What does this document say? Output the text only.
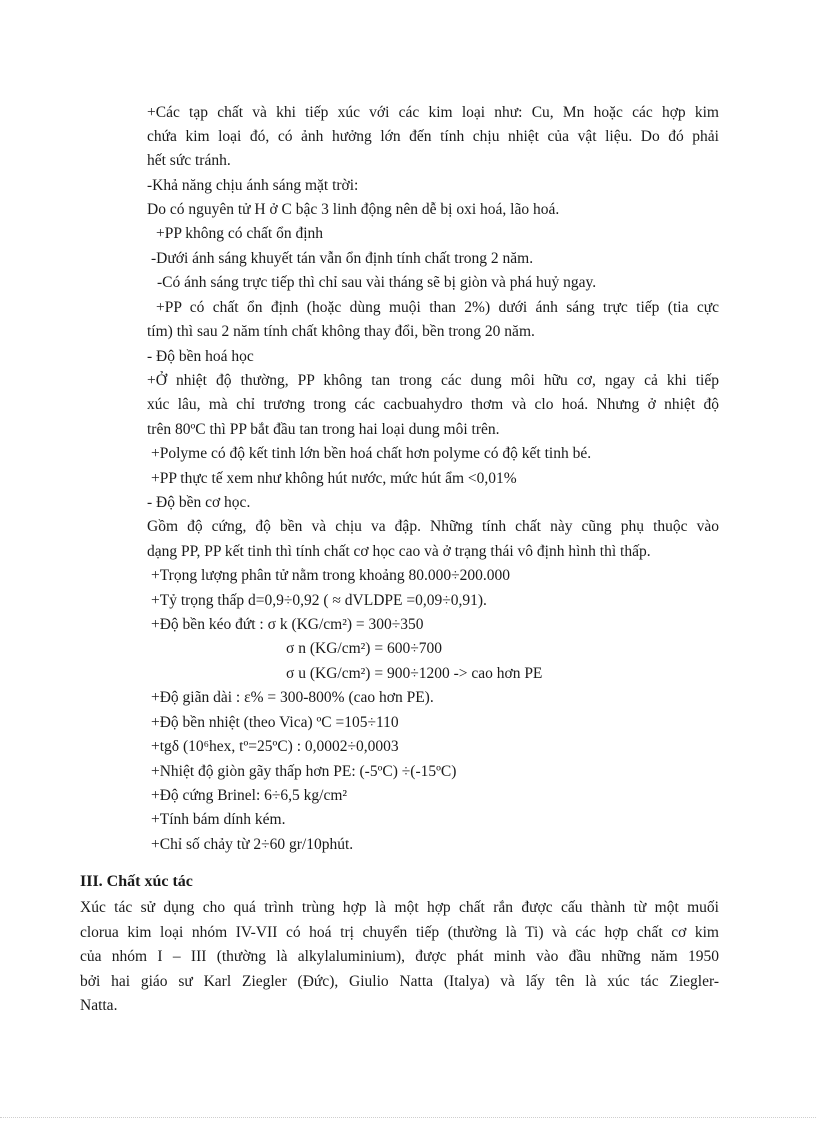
+Các tạp chất và khi tiếp xúc với các kim loại như: Cu, Mn hoặc các hợp kim
chứa kim loại đó, có ảnh hưởng lớn đến tính chịu nhiệt của vật liệu. Do đó phải
hết sức tránh.
-Khả năng chịu ánh sáng mặt trời:
Do có nguyên tử H ở C bậc 3 linh động nên dễ bị oxi hoá, lão hoá.
+PP không có chất ổn định
-Dưới ánh sáng khuyết tán vẫn ổn định tính chất trong 2 năm.
-Có ánh sáng trực tiếp thì chỉ sau vài tháng sẽ bị giòn và phá huỷ ngay.
+PP có chất ổn định (hoặc dùng muội than 2%) dưới ánh sáng trực tiếp (tia cực
tím) thì sau 2 năm tính chất không thay đổi, bền trong 20 năm.
- Độ bền hoá học
+Ở nhiệt độ thường, PP không tan trong các dung môi hữu cơ, ngay cả khi tiếp
xúc lâu, mà chỉ trương trong các cacbuahydro thơm và clo hoá. Nhưng ở nhiệt độ
trên 80ºC thì PP bắt đầu tan trong hai loại dung môi trên.
+Polyme có độ kết tinh lớn bền hoá chất hơn polyme có độ kết tinh bé.
+PP thực tế xem như không hút nước, mức hút ẩm <0,01%
- Độ bền cơ học.
Gồm độ cứng, độ bền và chịu va đập. Những tính chất này cũng phụ thuộc vào
dạng PP, PP kết tinh thì tính chất cơ học cao và ở trạng thái vô định hình thì thấp.
+Trọng lượng phân tử nằm trong khoảng 80.000÷200.000
+Tỷ trọng thấp d=0,9÷0,92 ( ≈ dVLDPE =0,09÷0,91).
+Độ bền kéo đứt : σ k (KG/cm²) = 300÷350
σ n (KG/cm²) = 600÷700
σ u (KG/cm²) = 900÷1200 -> cao hơn PE
+Độ giãn dài : ε% = 300-800% (cao hơn PE).
+Độ bền nhiệt (theo Vica) ºC =105÷110
+tgδ (10⁶hex, tº=25ºC) : 0,0002÷0,0003
+Nhiệt độ giòn gãy thấp hơn PE: (-5ºC) ÷(-15ºC)
+Độ cứng Brinel: 6÷6,5 kg/cm²
+Tính bám dính kém.
+Chỉ số chảy từ 2÷60 gr/10phút.
III. Chất xúc tác
Xúc tác sử dụng cho quá trình trùng hợp là một hợp chất rắn được cấu thành từ một muối
clorua kim loại nhóm IV-VII có hoá trị chuyển tiếp (thường là Ti) và các hợp chất cơ kim
của nhóm I – III (thường là alkylaluminium), được phát minh vào đầu những năm 1950
bởi hai giáo sư Karl Ziegler (Đức), Giulio Natta (Italya) và lấy tên là xúc tác Ziegler-
Natta.
